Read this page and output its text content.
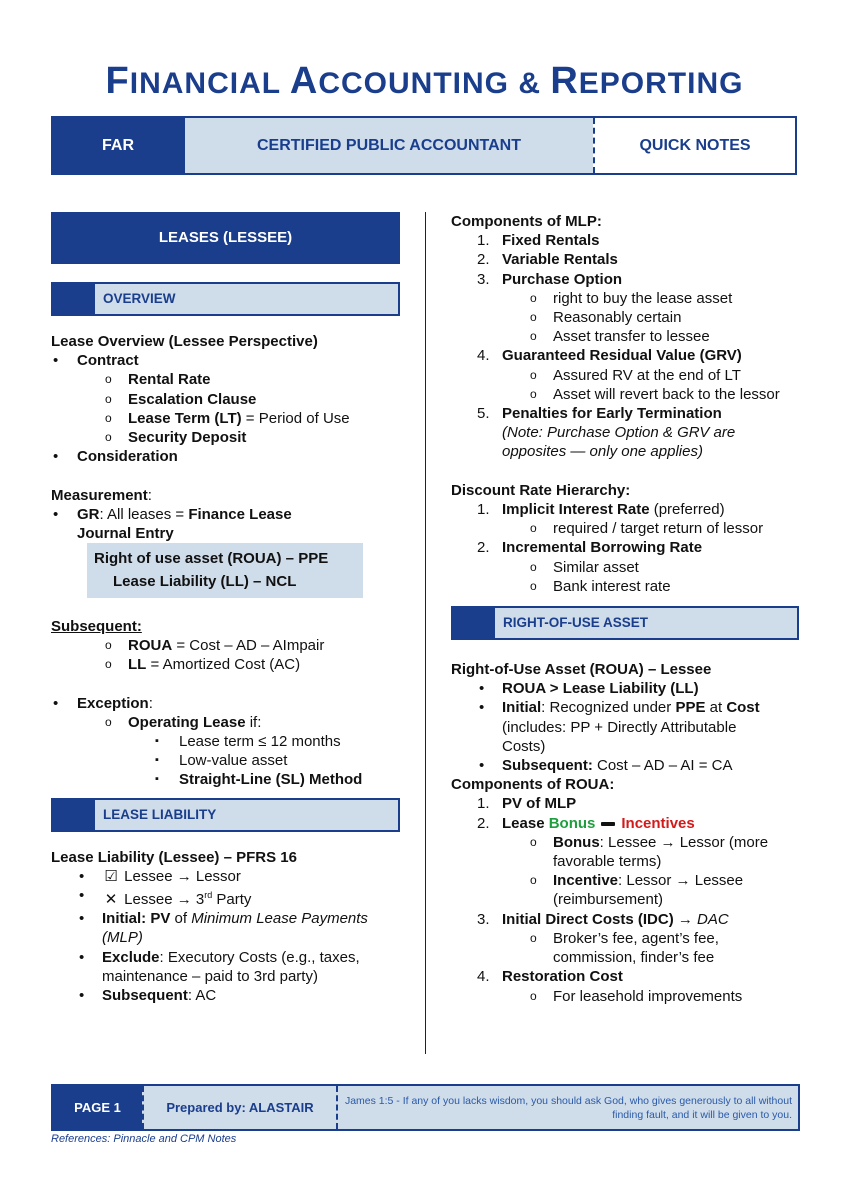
FINANCIAL ACCOUNTING & REPORTING
FAR	CERTIFIED PUBLIC ACCOUNTANT	QUICK NOTES
LEASES (LESSEE)
OVERVIEW

Lease Overview (Lessee Perspective)

• Contract

o Rental Rate

o Escalation Clause

o Lease Term (LT) = Period of Use

o Security Deposit

• Consideration

Measurement:

• GR: All leases = Finance Lease

Journal Entry

Right of use asset (ROUA) – PPE

Lease Liability (LL) – NCL

Subsequent:

o ROUA = Cost – AD – AImpair

o LL = Amortized Cost (AC)

• Exception:

o Operating Lease if:

▪ Lease term ≤ 12 months

▪ Low-value asset

▪ Straight-Line (SL) Method

LEASE LIABILITY

Lease Liability (Lessee) – PFRS 16

• ☑ Lessee → Lessor

• ✕ Lessee → 3rd Party

• Initial: PV of Minimum Lease Payments (MLP)

• Exclude: Executory Costs (e.g., taxes, maintenance – paid to 3rd party)

• Subsequent: AC

Components of MLP:

1. Fixed Rentals

2. Variable Rentals

3. Purchase Option

o right to buy the lease asset

o Reasonably certain

o Asset transfer to lessee

4. Guaranteed Residual Value (GRV)

o Assured RV at the end of LT

o Asset will revert back to the lessor

5. Penalties for Early Termination

(Note: Purchase Option & GRV are opposites — only one applies)

Discount Rate Hierarchy:

1. Implicit Interest Rate (preferred)

o required / target return of lessor

2. Incremental Borrowing Rate

o Similar asset

o Bank interest rate

RIGHT-OF-USE ASSET

Right-of-Use Asset (ROUA) – Lessee

• ROUA > Lease Liability (LL)

• Initial: Recognized under PPE at Cost (includes: PP + Directly Attributable Costs)

• Subsequent: Cost – AD – AI = CA

Components of ROUA:

1. PV of MLP

2. Lease Bonus Incentives

o Bonus: Lessee → Lessor (more favorable terms)

o Incentive: Lessor → Lessee (reimbursement)

3. Initial Direct Costs (IDC) → DAC

o Broker’s fee, agent’s fee, commission, finder’s fee

4. Restoration Cost

o For leasehold improvements

PAGE 1	Prepared by: ALASTAIR	James 1:5 - If any of you lacks wisdom, you should ask God, who gives generously to all without finding fault, and it will be given to you.
References: Pinnacle and CPM Notes
